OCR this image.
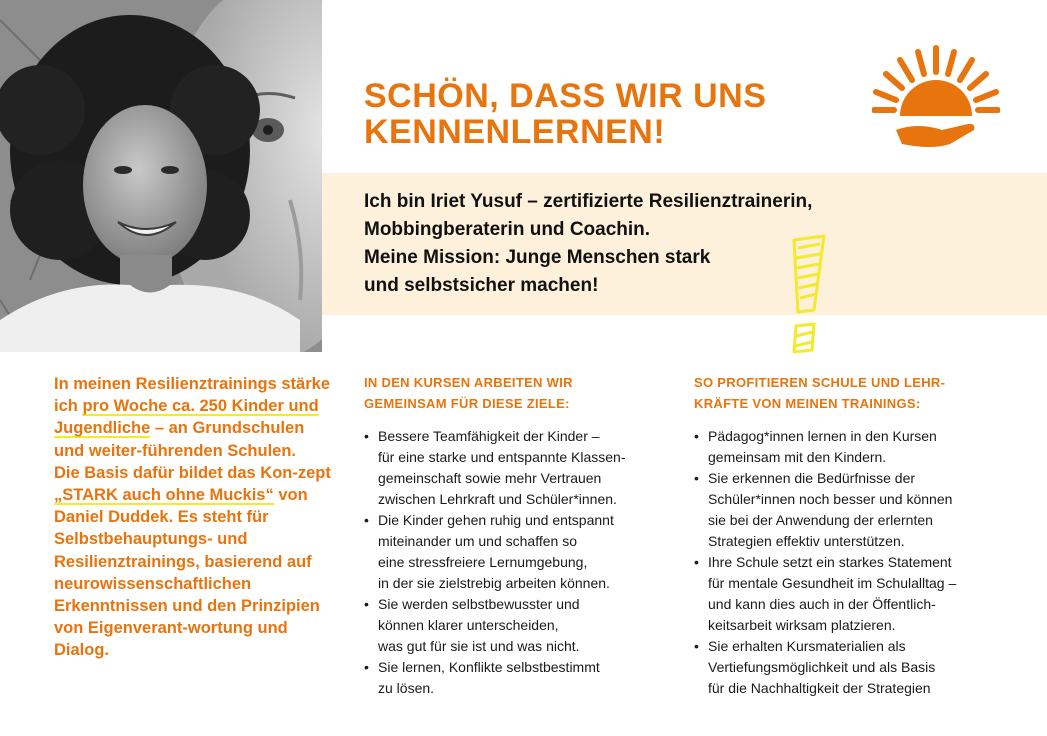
SCHÖN, DASS WIR UNS
KENNENLERNEN!

Ich bin Iriet Yusuf – zertifizierte Resilienztrainerin,
Mobbingberaterin und Coachin.
Meine Mission: Junge Menschen stark
und selbstsicher machen!

In meinen Resilienztrainings stärke ich pro Woche ca. 250 Kinder und Jugendliche – an Grundschulen und weiter-führenden Schulen.
Die Basis dafür bildet das Kon-zept „STARK auch ohne Muckis“ von Daniel Duddek. Es steht für Selbstbehauptungs- und Resilienztrainings, basierend auf neurowissenschaftlichen Erkenntnissen und den Prinzipien von Eigenverant-wortung und Dialog.

IN DEN KURSEN ARBEITEN WIR
GEMEINSAM FÜR DIESE ZIELE:
• Bessere Teamfähigkeit der Kinder –
für eine starke und entspannte Klassen-
gemeinschaft sowie mehr Vertrauen
zwischen Lehrkraft und Schüler*innen.
• Die Kinder gehen ruhig und entspannt
miteinander um und schaffen so
eine stressfreiere Lernumgebung,
in der sie zielstrebig arbeiten können.
• Sie werden selbstbewusster und
können klarer unterscheiden,
was gut für sie ist und was nicht.
• Sie lernen, Konflikte selbstbestimmt
zu lösen.
SO PROFITIEREN SCHULE UND LEHR-
KRÄFTE VON MEINEN TRAININGS:
• Pädagog*innen lernen in den Kursen
gemeinsam mit den Kindern.
• Sie erkennen die Bedürfnisse der
Schüler*innen noch besser und können
sie bei der Anwendung der erlernten
Strategien effektiv unterstützen.
• Ihre Schule setzt ein starkes Statement
für mentale Gesundheit im Schulalltag –
und kann dies auch in der Öffentlich-
keitsarbeit wirksam platzieren.
• Sie erhalten Kursmaterialien als
Vertiefungsmöglichkeit und als Basis
für die Nachhaltigkeit der Strategien
